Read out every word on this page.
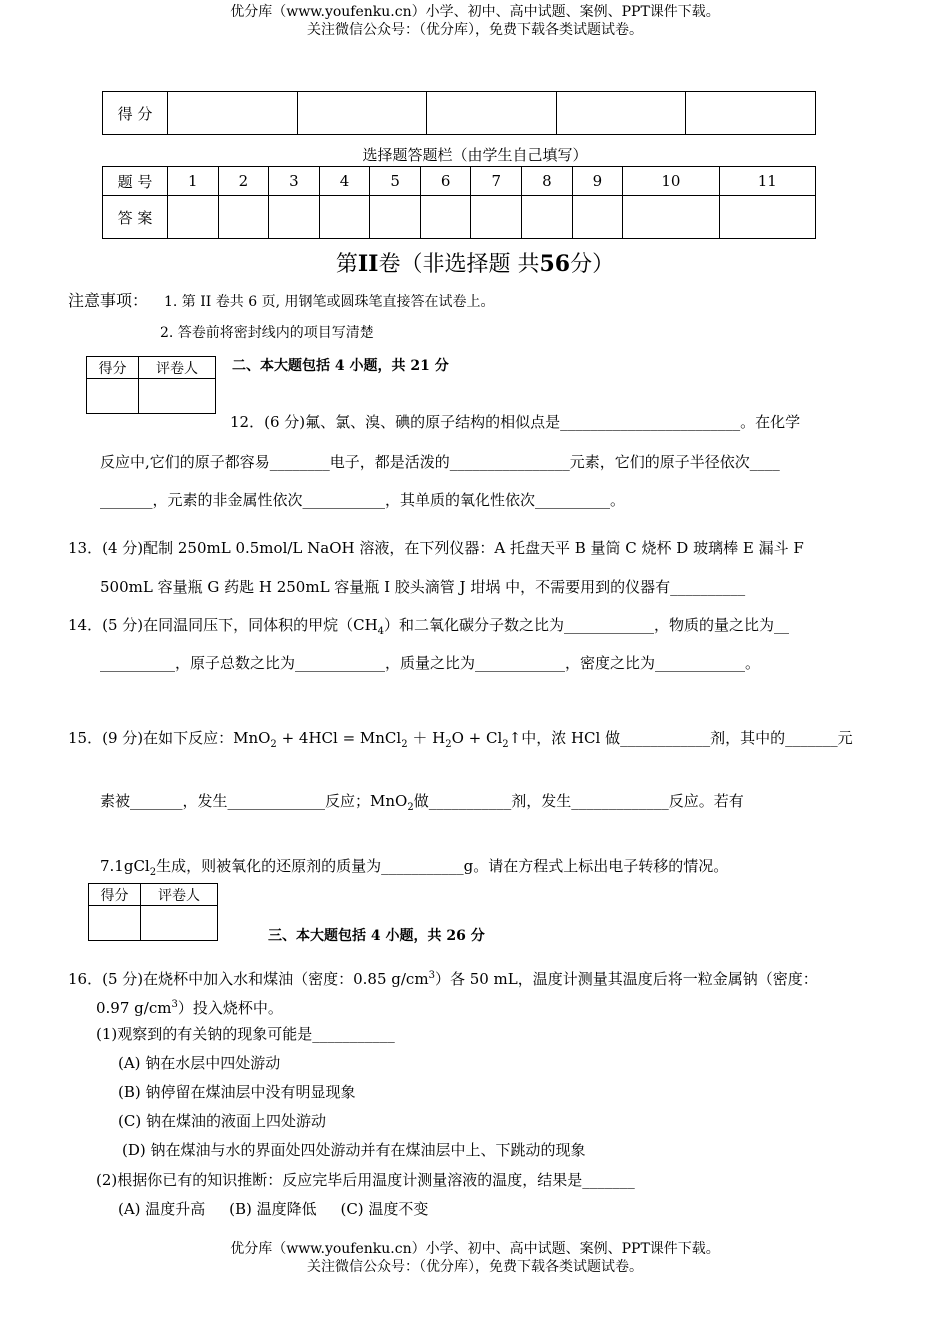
优分库（www.youfenku.cn）小学、初中、高中试题、案例、PPT课件下载。
关注微信公众号：（优分库），免费下载各类试题试卷。
得 分					
选择题答题栏（由学生自己填写）
题 号	1	2	3	4	5	6	7	8	9	10	11
答 案											
第II卷（非选择题 共56分）
注意事项： 1. 第 II 卷共 6 页, 用钢笔或圆珠笔直接答在试卷上。
2. 答卷前将密封线内的项目写清楚
得分	评卷人
	二、本大题包括 4 小题，共 21 分
12．(6 分)氟、氯、溴、碘的原子结构的相似点是________________________。在化学
反应中,它们的原子都容易________电子，都是活泼的________________元素，它们的原子半径依次____
_______，元素的非金属性依次___________，其单质的氧化性依次__________。
13．(4 分)配制 250mL 0.5mol/L NaOH 溶液，在下列仪器：A 托盘天平 B 量筒 C 烧杯 D 玻璃棒 E 漏斗 F
500mL 容量瓶 G 药匙 H 250mL 容量瓶 I 胶头滴管 J 坩埚 中，不需要用到的仪器有__________
14．(5 分)在同温同压下，同体积的甲烷$(CH_4)$和二氧化碳分子数之比为____________，物质的量之比为__
__________，原子总数之比为____________，质量之比为____________，密度之比为____________。
15．(9 分)在如下反应：MnO$_2$ + 4HCl = MnCl$_2$ ＋ $H_2O$ + $Cl_2↑$中，浓 HCl 做____________剂，其中的_______元
素被_______，发生_____________反应；MnO$_2$做___________剂，发生_____________反应。若有
7.1gCl$_2$生成，则被氧化的还原剂的质量为___________g。请在方程式上标出电子转移的情况。
得分	评卷人

三、本大题包括 4 小题，共 26 分
16．(5 分)在烧杯中加入水和煤油（密度：0.85 $g/cm^3$）各 50 mL，温度计测量其温度后将一粒金属钠（密度：
0.97 $g/cm^3$）投入烧杯中。
(1)观察到的有关钠的现象可能是___________
(A) 钠在水层中四处游动
(B) 钠停留在煤油层中没有明显现象
(C) 钠在煤油的液面上四处游动
(D) 钠在煤油与水的界面处四处游动并有在煤油层中上、下跳动的现象
(2)根据你已有的知识推断：反应完毕后用温度计测量溶液的温度，结果是_______
(A) 温度升高     (B) 温度降低     (C) 温度不变
优分库（www.youfenku.cn）小学、初中、高中试题、案例、PPT课件下载。
关注微信公众号：（优分库），免费下载各类试题试卷。
